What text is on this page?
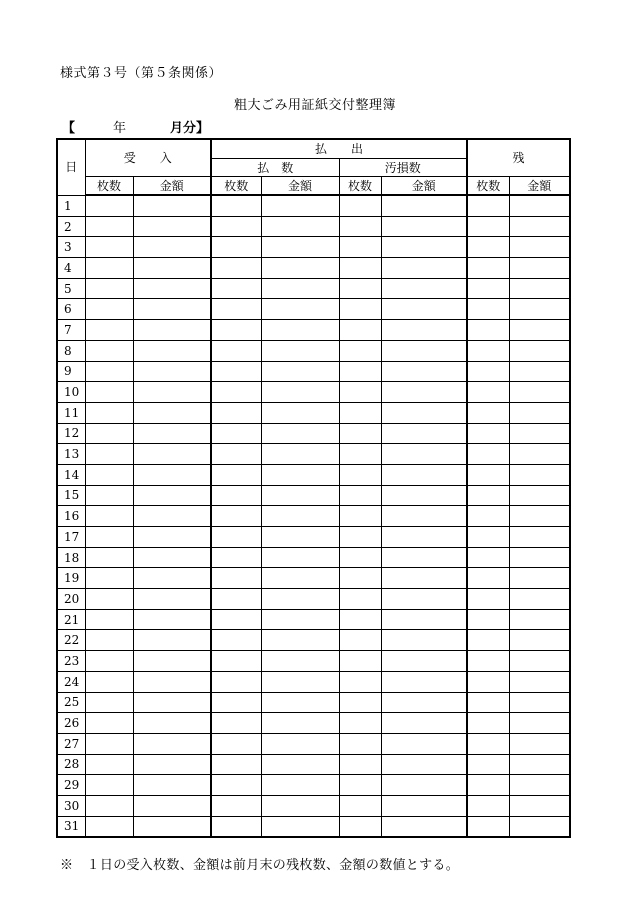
様式第３号（第５条関係）
粗大ごみ用証紙交付整理簿
【	年	月分】
日	受　　入		払　　出				残	
			払　数		汚損数			
	枚数	金額	枚数	金額	枚数	金額	枚数	金額
1								
2								
3								
4								
5								
6								
7								
8								
9								
10								
11								
12								
13								
14								
15								
16								
17								
18								
19								
20								
21								
22								
23								
24								
25								
26								
27								
28								
29								
30								
31								
※　１日の受入枚数、金額は前月末の残枚数、金額の数値とする。
